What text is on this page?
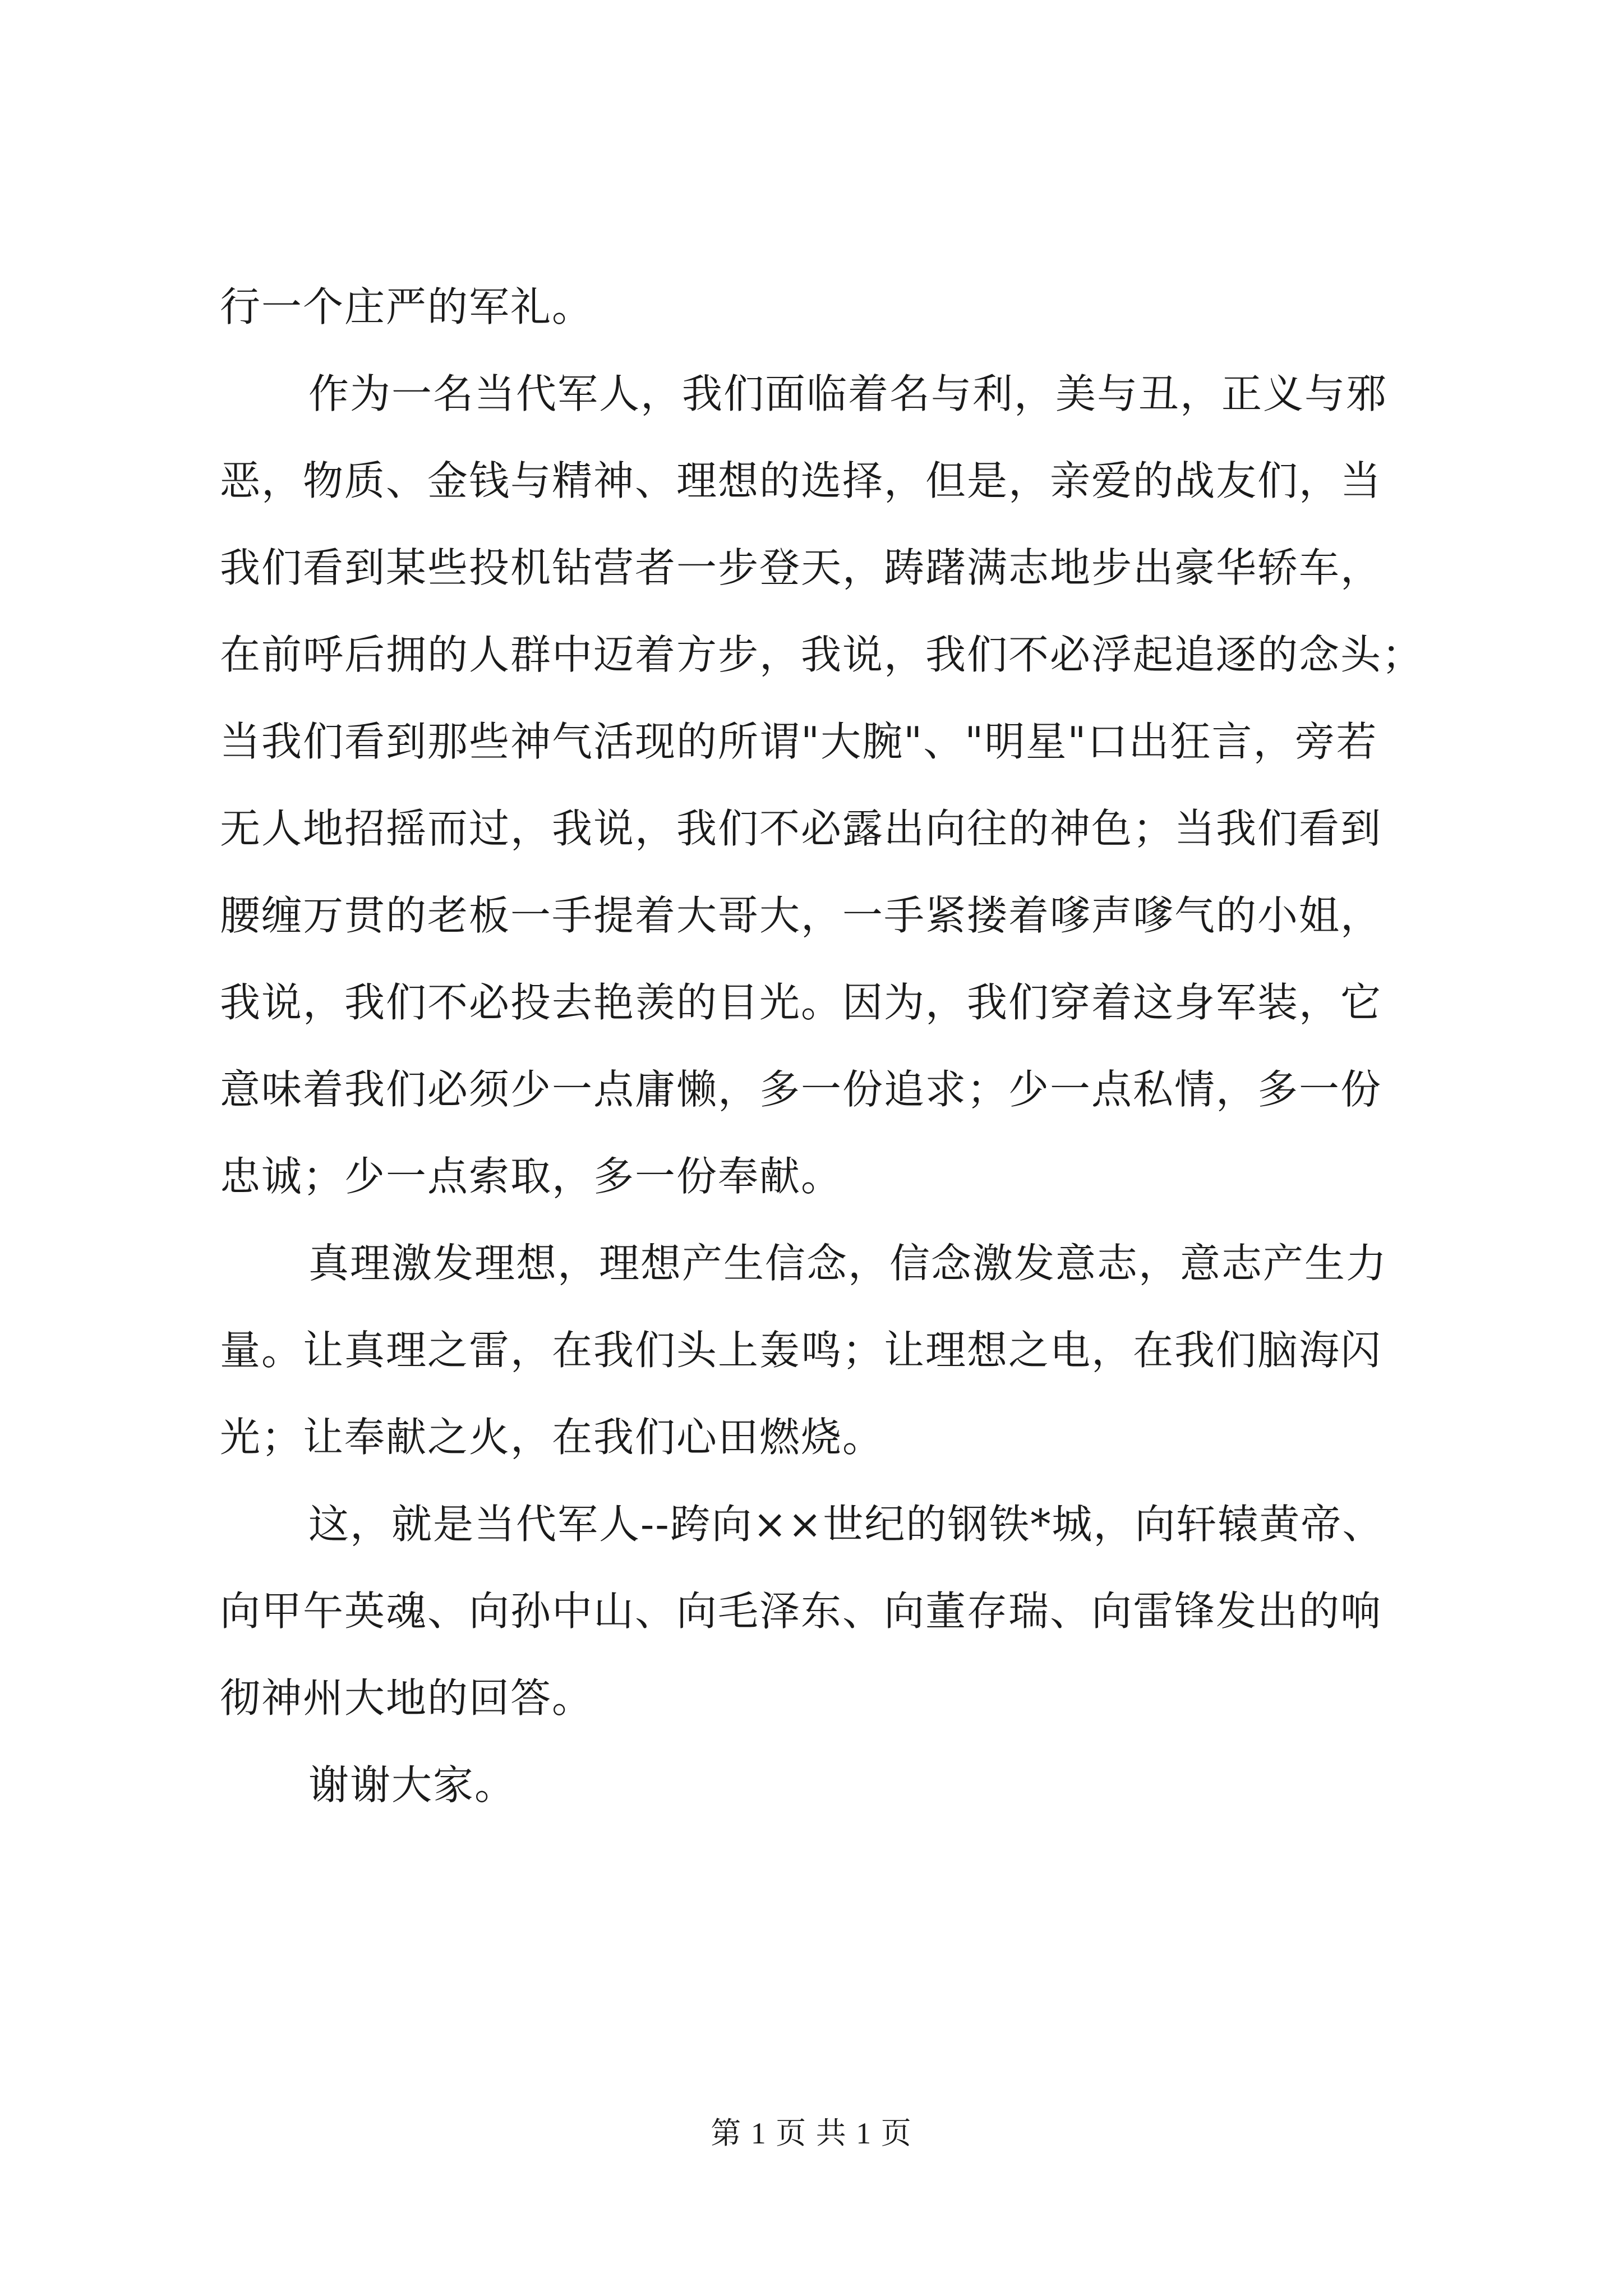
行一个庄严的军礼。
作为一名当代军人，我们面临着名与利，美与丑，正义与邪
恶，物质、金钱与精神、理想的选择，但是，亲爱的战友们，当
我们看到某些投机钻营者一步登天，踌躇满志地步出豪华轿车，
在前呼后拥的人群中迈着方步，我说，我们不必浮起追逐的念头；
当我们看到那些神气活现的所谓"大腕"、"明星"口出狂言，旁若
无人地招摇而过，我说，我们不必露出向往的神色；当我们看到
腰缠万贯的老板一手提着大哥大，一手紧搂着嗲声嗲气的小姐，
我说，我们不必投去艳羡的目光。因为，我们穿着这身军装，它
意味着我们必须少一点庸懒，多一份追求；少一点私情，多一份
忠诚；少一点索取，多一份奉献。
真理激发理想，理想产生信念，信念激发意志，意志产生力
量。让真理之雷，在我们头上轰鸣；让理想之电，在我们脑海闪
光；让奉献之火，在我们心田燃烧。
这，就是当代军人--跨向××世纪的钢铁*城，向轩辕黄帝、
向甲午英魂、向孙中山、向毛泽东、向董存瑞、向雷锋发出的响
彻神州大地的回答。
谢谢大家。
第 1 页 共 1 页
